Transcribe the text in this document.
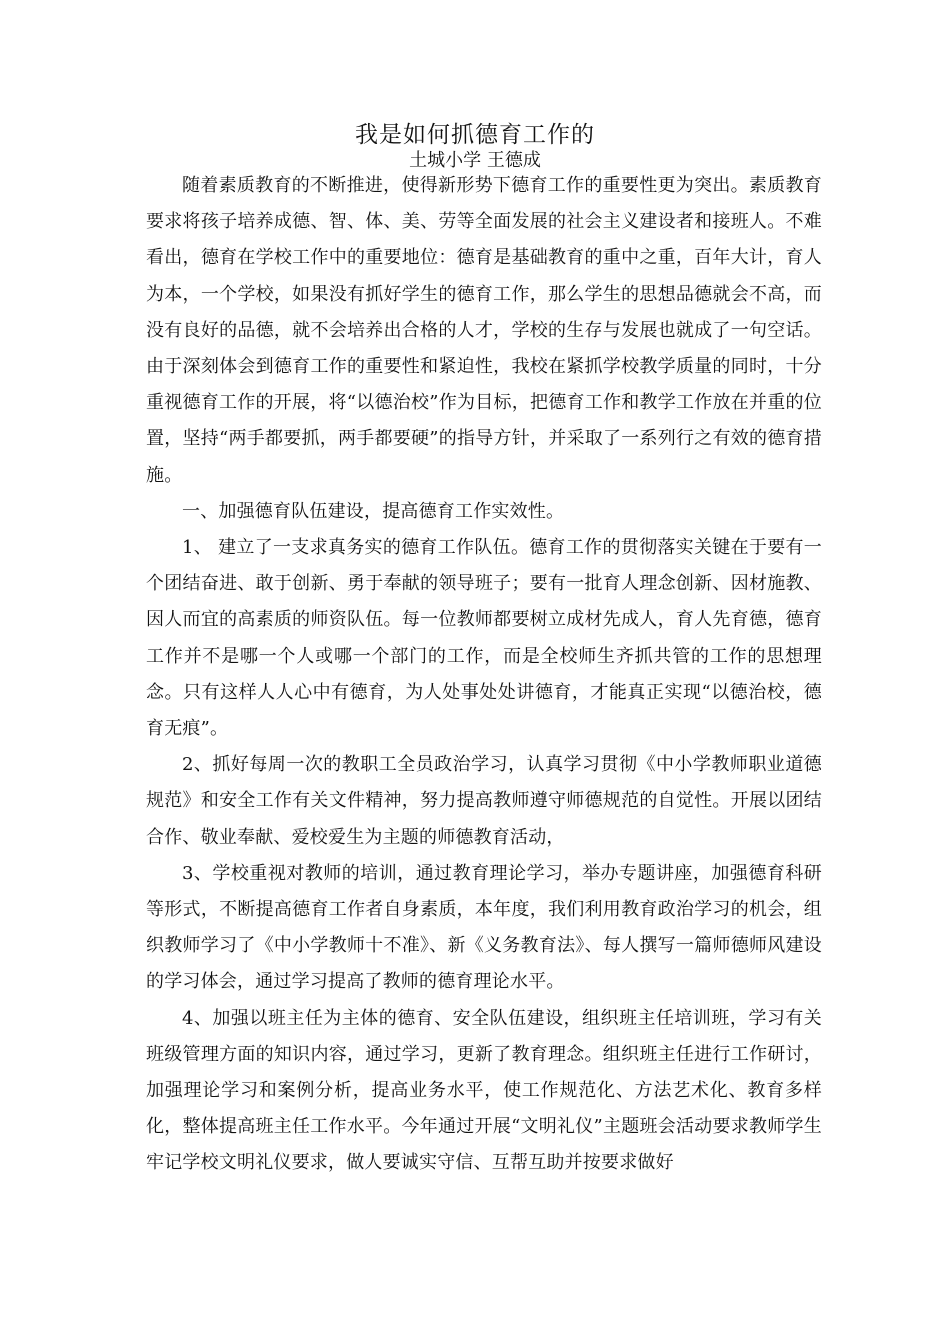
我是如何抓德育工作的
土城小学 王德成

随着素质教育的不断推进，使得新形势下德育工作的重要性更为突出。素质教育要求将孩子培养成德、智、体、美、劳等全面发展的社会主义建设者和接班人。不难看出，德育在学校工作中的重要地位：德育是基础教育的重中之重，百年大计，育人为本，一个学校，如果没有抓好学生的德育工作，那么学生的思想品德就会不高，而没有良好的品德，就不会培养出合格的人才，学校的生存与发展也就成了一句空话。由于深刻体会到德育工作的重要性和紧迫性，我校在紧抓学校教学质量的同时，十分重视德育工作的开展，将“以德治校”作为目标，把德育工作和教学工作放在并重的位置，坚持“两手都要抓，两手都要硬”的指导方针，并采取了一系列行之有效的德育措施。

一、加强德育队伍建设，提高德育工作实效性。

1、 建立了一支求真务实的德育工作队伍。德育工作的贯彻落实关键在于要有一个团结奋进、敢于创新、勇于奉献的领导班子；要有一批育人理念创新、因材施教、因人而宜的高素质的师资队伍。每一位教师都要树立成材先成人，育人先育德，德育工作并不是哪一个人或哪一个部门的工作，而是全校师生齐抓共管的工作的思想理念。只有这样人人心中有德育，为人处事处处讲德育，才能真正实现“以德治校，德育无痕”。

2、抓好每周一次的教职工全员政治学习，认真学习贯彻《中小学教师职业道德规范》和安全工作有关文件精神，努力提高教师遵守师德规范的自觉性。开展以团结合作、敬业奉献、爱校爱生为主题的师德教育活动，

3、学校重视对教师的培训，通过教育理论学习，举办专题讲座，加强德育科研等形式，不断提高德育工作者自身素质，本年度，我们利用教育政治学习的机会，组织教师学习了《中小学教师十不准》、新《义务教育法》、每人撰写一篇师德师风建设的学习体会，通过学习提高了教师的德育理论水平。

4、加强以班主任为主体的德育、安全队伍建设，组织班主任培训班，学习有关班级管理方面的知识内容，通过学习，更新了教育理念。组织班主任进行工作研讨，加强理论学习和案例分析，提高业务水平，使工作规范化、方法艺术化、教育多样化，整体提高班主任工作水平。今年通过开展“文明礼仪”主题班会活动要求教师学生牢记学校文明礼仪要求，做人要诚实守信、互帮互助并按要求做好
